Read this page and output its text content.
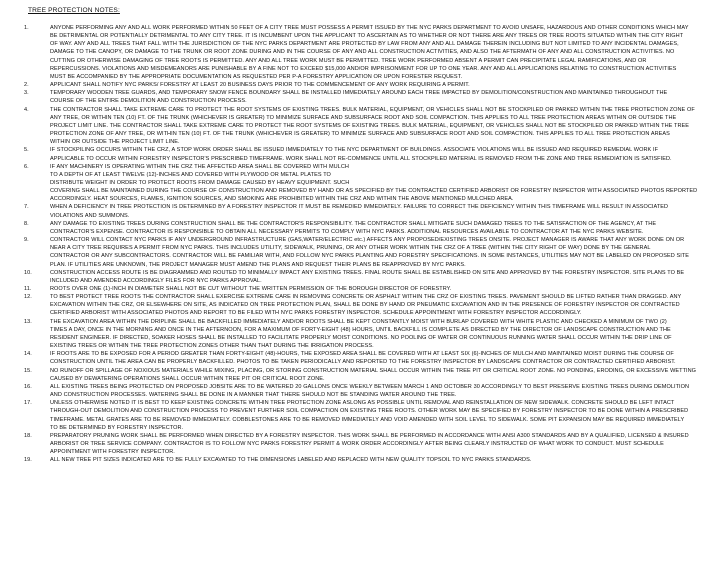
TREE PROTECTION NOTES:
1.	ANYONE PERFORMING ANY AND ALL WORK PERFORMED WITHIN 50 FEET OF A CITY TREE MUST POSSESS A PERMIT ISSUED BY THE NYC PARKS DEPARTMENT TO AVOID UNSAFE, HAZARDOUS AND OTHER CONDITIONS WHICH MAY
BE DETRIMENTAL OR POTENTIALLY DETRIMENTAL TO ANY CITY TREE. IT IS INCUMBENT UPON THE APPLICANT TO ASCERTAIN AS TO WHETHER OR NOT THERE ARE ANY TREES OR TREE ROOTS SITUATED WITHIN THE CITY RIGHT
OF WAY. ANY AND ALL TREES THAT FALL WITH THE JURISDICTION OF THE NYC PARKS DEPARTMENT ARE PROTECTED BY LAW FROM ANY AND ALL DAMAGE THEREIN INCLUDING BUT NOT LIMITED TO ANY INCIDENTAL DAMAGES,
DAMAGE TO THE CANOPY, OR DAMAGE TO THE TRUNK OR ROOT ZONE DURING AND IN THE COURSE OF ANY AND ALL CONSTRUCTION ACTIVITIES, AND ALSO THE AFTERMATH OF ANY AND ALL CONSTRUCTION ACTIVITIES. NO
CUTTING OR OTHERWISE DAMAGING OF TREE ROOTS IS PERMITTED. ANY AND ALL TREE WORK MUST BE PERMITTED. TREE WORK PERFORMED ABSENT A PERMIT CAN PRECIPITATE LEGAL RAMIFICATIONS, AND OR
REPERCUSSIONS. VIOLATIONS AND MISDEMEANORS ARE PUNISHABLE BY A FINE NOT TO EXCEED $15,000 AND/OR IMPRISONMENT FOR UP TO ONE YEAR. ANY AND ALL APPLICATIONS RELATING TO CONSTRUCTION ACTIVITIES
MUST BE ACCOMPANIED BY THE APPROPRIATE DOCUMENTATION AS REQUESTED PER P-A FORESTRY APPLICATION OR UPON FORESTER REQUEST.
2.	APPLICANT SHALL NOTIFY NYC PARKS/ FORESTRY AT LEAST 20 BUSINESS DAYS PRIOR TO THE COMMENCEMENT OF ANY WORK REQUIRING A PERMIT.
3.	TEMPORARY WOODEN TREE GUARDS, AND TEMPORARY SNOW FENCE BOUNDARY SHALL BE INSTALLED IMMEDIATELY AROUND EACH TREE IMPACTED BY DEMOLITION/CONSTRUCTION AND MAINTAINED THROUGHOUT THE
COURSE OF THE ENTIRE DEMOLITION AND CONSTRUCTION PROCESS.
4.	THE CONTRACTOR SHALL TAKE EXTREME CARE TO PROTECT THE ROOT SYSTEMS OF EXISTING TREES. BULK MATERIAL, EQUIPMENT, OR VEHICLES SHALL NOT BE STOCKPILED OR PARKED WITHIN THE TREE PROTECTION ZONE OF
ANY TREE, OR WITHIN TEN (10) FT. OF THE TRUNK (WHICHEVER IS GREATER) TO MINIMIZE SURFACE AND SUBSURFACE ROOT AND SOIL COMPACTION. THIS APPLIES TO ALL TREE PROTECTION AREAS WITHIN OR OUTSIDE THE
PROJECT LIMIT LINE. THE CONTRACTOR SHALL TAKE EXTREME CARE TO PROTECT THE ROOT SYSTEMS OF EXISTING TREES. BULK MATERIAL, EQUIPMENT, OR VEHICLES SHALL NOT BE STOCKPILED OR PARKED WITHIN THE TREE
PROTECTION ZONE OF ANY TREE, OR WITHIN TEN (10) FT. OF THE TRUNK (WHICHEVER IS GREATER) TO MINIMIZE SURFACE AND SUBSURFACE ROOT AND SOIL COMPACTION. THIS APPLIES TO ALL TREE PROTECTION AREAS
WITHIN OR OUTSIDE THE PROJECT LIMIT LINE.
5.	IF STOCKPILING OCCURS WITHIN THE CRZ, A STOP WORK ORDER SHALL BE ISSUED IMMEDIATELY TO THE NYC DEPARTMENT OF BUILDINGS. ASSOCIATE VIOLATIONS WILL BE ISSUED AND REQUIRED REMEDIAL WORK IF
APPLICABLE TO OCCUR WITHIN FORESTRY INSPECTOR'S PRESCRIBED TIMEFRAME. WORK SHALL NOT RE-COMMENCE UNTIL ALL STOCKPILED MATERIAL IS REMOVED FROM THE ZONE AND TREE REMEDIATION IS SATISFIED.
6.	IF ANY MACHINERY IS OPERATING WITHIN THE CRZ THE AFFECTED AREA SHALL BE COVERED WITH MULCH
TO A DEPTH OF AT LEAST TWELVE (12)-INCHES AND COVERED WITH PLYWOOD OR METAL PLATES TO
DISTRIBUTE WEIGHT IN ORDER TO PROTECT ROOTS FROM DAMAGE CAUSED BY HEAVY EQUIPMENT. SUCH
COVERING SHALL BE MAINTAINED DURING THE COURSE OF CONSTRUCTION AND REMOVED BY HAND OR AS SPECIFIED BY THE CONTRACTED CERTIFIED ARBORIST OR FORESTRY INSPECTOR WITH ASSOCIATED PHOTOS REPORTED
ACCORDINGLY. HEAT SOURCES, FLAMES, IGNITION SOURCES, AND SMOKING ARE PROHIBITED WITHIN THE CRZ AND WITHIN THE ABOVE MENTIONED MULCHED AREA.
7.	WHEN A DEFICIENCY IN TREE PROTECTION IS DETERMINED BY A FORESTRY INSPECTOR IT MUST BE REMEDIED IMMEDIATELY. FAILURE TO CORRECT THE DEFICIENCY WITHIN THIS TIMEFRAME WILL RESULT IN ASSOCIATED
VIOLATIONS AND SUMMONS.
8.	ANY DAMAGE TO EXISTING TREES DURING CONSTRUCTION SHALL BE THE CONTRACTOR'S RESPONSIBILITY. THE CONTRACTOR SHALL MITIGATE SUCH DAMAGED TREES TO THE SATISFACTION OF THE AGENCY, AT THE
CONTRACTOR'S EXPENSE. CONTRACTOR IS RESPONSIBLE TO OBTAIN ALL NECESSARY PERMITS TO COMPLY WITH NYC PARKS. ADDITIONAL RESOURCES AVAILABLE TO CONTRACTOR AT THE NYC PARKS WEBSITE.
9.	CONTRACTOR WILL CONTACT NYC PARKS IF ANY UNDERGROUND INFRASTRUCTURE (GAS,WATER/ELECTRIC etc.) AFFECTS ANY PROPOSED/EXISTING TREES ONSITE. PROJECT MANAGER IS AWARE THAT ANY WORK DONE ON OR
NEAR A CITY TREE REQUIRES A PERMIT FROM NYC PARKS. THIS INCLUDES UTILITY, SIDEWALK, PRUNING, OR ANY OTHER WORK WITHIN THE CRZ OF A TREE (WITHIN THE CITY RIGHT OF WAY) DONE BY THE GENERAL
CONTRACTOR OR ANY SUBCONTRACTORS. CONTRACTOR WILL BE FAMILIAR WITH, AND FOLLOW NYC PARKS PLANTING AND FORESTRY SPECIFICATIONS. IN SOME INSTANCES, UTILITIES MAY NOT BE LABELED ON PROPOSED SITE
PLAN. IF UTILITIES ARE UNKNOWN, THE PROJECT MANAGER MUST AMEND THE PLANS AND REQUEST THEIR PLANS BE REAPPROVED BY NYC PARKS.
10.	CONSTRUCTION ACCESS ROUTE IS BE DIAGRAMMED AND ROUTED TO MINIMALLY IMPACT ANY EXISTING TREES. FINAL ROUTE SHALL BE ESTABLISHED ON SITE AND APPROVED BY THE FORESTRY INSPECTOR. SITE PLANS TO BE
INCLUDED AND AMENDED ACCORDINGLY FILES FOR NYC PARKS APPROVAL.
11.	ROOTS OVER ONE (1)-INCH IN DIAMETER SHALL NOT BE CUT WITHOUT THE WRITTEN PERMISSION OF THE BOROUGH DIRECTOR OF FORESTRY.
12.	TO BEST PROTECT TREE ROOTS THE CONTRACTOR SHALL EXERCISE EXTREME CARE IN REMOVING CONCRETE OR ASPHALT WITHIN THE CRZ OF EXISTING TREES. PAVEMENT SHOULD BE LIFTED RATHER THAN DRAGGED. ANY
EXCAVATION WITHIN THE CRZ, OR ELSEWHERE ON SITE, AS INDICATED ON TREE PROTECTION PLAN, SHALL BE DONE BY HAND OR PNEUMATIC EXCAVATION AND IN THE PRESENCE OF FORESTRY INSPECTOR OR CONTRACTED
CERTIFIED ARBORIST WITH ASSOCIATED PHOTOS AND REPORT TO BE FILED WITH NYC PARKS FORESTRY INSPECTOR. SCHEDULE APPOINTMENT WITH FORESTRY INSPECTOR ACCORDINGLY.
13.	THE EXCAVATION AREA WITHIN THE DRIPLINE SHALL BE BACKFILLED IMMEDIATELY AND/OR ROOTS SHALL BE KEPT CONSTANTLY MOIST WITH BURLAP COVERED WITH WHITE PLASTIC AND CHECKED A MINIMUM OF TWO (2)
TIMES A DAY, ONCE IN THE MORNING AND ONCE IN THE AFTERNOON, FOR A MAXIMUM OF FORTY-EIGHT (48) HOURS, UNTIL BACKFILL IS COMPLETE AS DIRECTED BY THE DIRECTOR OF LANDSCAPE CONSTRUCTION AND THE
RESIDENT ENGINEER. IF DIRECTED, SOAKER HOSES SHALL BE INSTALLED TO FACILITATE PROPERLY MOIST CONDITIONS. NO POOLING OF WATER OR CONTINUOUS RUNNING WATER SHALL OCCUR WITHIN THE DRIP LINE OF
EXISTING TREES OR WITHIN THE TREE PROTECTION ZONES OTHER THAN THAT DURING THE IRRIGATION PROCESS.
14.	IF ROOTS ARE TO BE EXPOSED FOR A PERIOD GREATER THAN FORTY-EIGHT (48)-HOURS, THE EXPOSED AREA SHALL BE COVERED WITH AT LEAST SIX (6)-INCHES OF MULCH AND MAINTAINED MOIST DURING THE COURSE OF
CONSTRUCTION UNTIL THE AREA CAN BE PROPERLY BACKFILLED. PHOTOS TO BE TAKEN PERIODICALLY AND REPORTED TO THE FORESTRY INSPECTOR BY LANDSCAPE CONTRACTOR OR CONTRACTED CERTIFIED ARBORIST.
15.	NO RUNOFF OR SPILLAGE OF NOXIOUS MATERIALS WHILE MIXING, PLACING, OR STORING CONSTRUCTION MATERIAL SHALL OCCUR WITHIN THE TREE PIT OR CRITICAL ROOT ZONE. NO PONDING, ERODING, OR EXCESSIVE WETTING
CAUSED BY DEWATERING OPERATIONS SHALL OCCUR WITHIN TREE PIT OR CRITICAL ROOT ZONE.
16.	ALL EXISTING TREES BEING PROTECTED ON PROPOSED JOBSITE ARE TO BE WATERED 20 GALLONS ONCE WEEKLY BETWEEN MARCH 1 AND OCTOBER 30 ACCORDINGLY TO BEST PRESERVE EXISTING TREES DURING DEMOLITION
AND CONSTRUCTION PROCESSES. WATERING SHALL BE DONE IN A MANNER THAT THERE SHOULD NOT BE STANDING WATER AROUND THE TREE.
17.	UNLESS OTHERWISE NOTED IT IS BEST TO KEEP EXISTING CONCRETE WITHIN TREE PROTECTION ZONE ASLONG AS POSSIBLE UNTIL REMOVAL AND REINSTALLATION OF NEW SIDEWALK. CONCRETE SHOULD BE LEFT INTACT
THROUGH-OUT DEMOLITION AND CONSTRUCTION PROCESS TO PREVENT FURTHER SOIL COMPACTION ON EXISTING TREE ROOTS. OTHER WORK MAY BE SPECIFIED BY FORESTRY INSPECTOR TO BE DONE WITHIN A PRESCRIBED
TIMEFRAME. METAL GRATES ARE TO BE REMOVED IMMEDIATELY. COBBLESTONES ARE TO BE REMOVED IMMEDIATELY AND VOID AMENDED WITH SOIL LEVEL TO SIDEWALK. SOME PIT EXPANSION MAY BE REQUIRED IMMEDIATELY
TO BE DETERMINED BY FORESTRY INSPECTOR.
18.	PREPARATORY PRUNING WORK SHALL BE PERFORMED WHEN DIRECTED BY A FORESTRY INSPECTOR. THIS WORK SHALL BE PERFORMED IN ACCORDANCE WITH ANSI A300 STANDARDS AND BY A QUALIFIED, LICENSED & INSURED
ARBORIST OR TREE SERVICE COMPANY. CONTRACTOR IS TO FOLLOW NYC PARKS FORESTRY PERMIT & WORK ORDER ACCORDINGLY AFTER BEING CLEARLY INSTRUCTED OF WHAT WORK TO CONDUCT. MUST SCHEDULE
APPOINTMENT WITH FORESTRY INSPECTOR.
19.	ALL NEW TREE PIT SIZES INDICATED ARE TO BE FULLY EXCAVATED TO THE DIMENSIONS LABELED AND REPLACED WITH NEW QUALITY TOPSOIL TO NYC PARKS STANDARDS.
